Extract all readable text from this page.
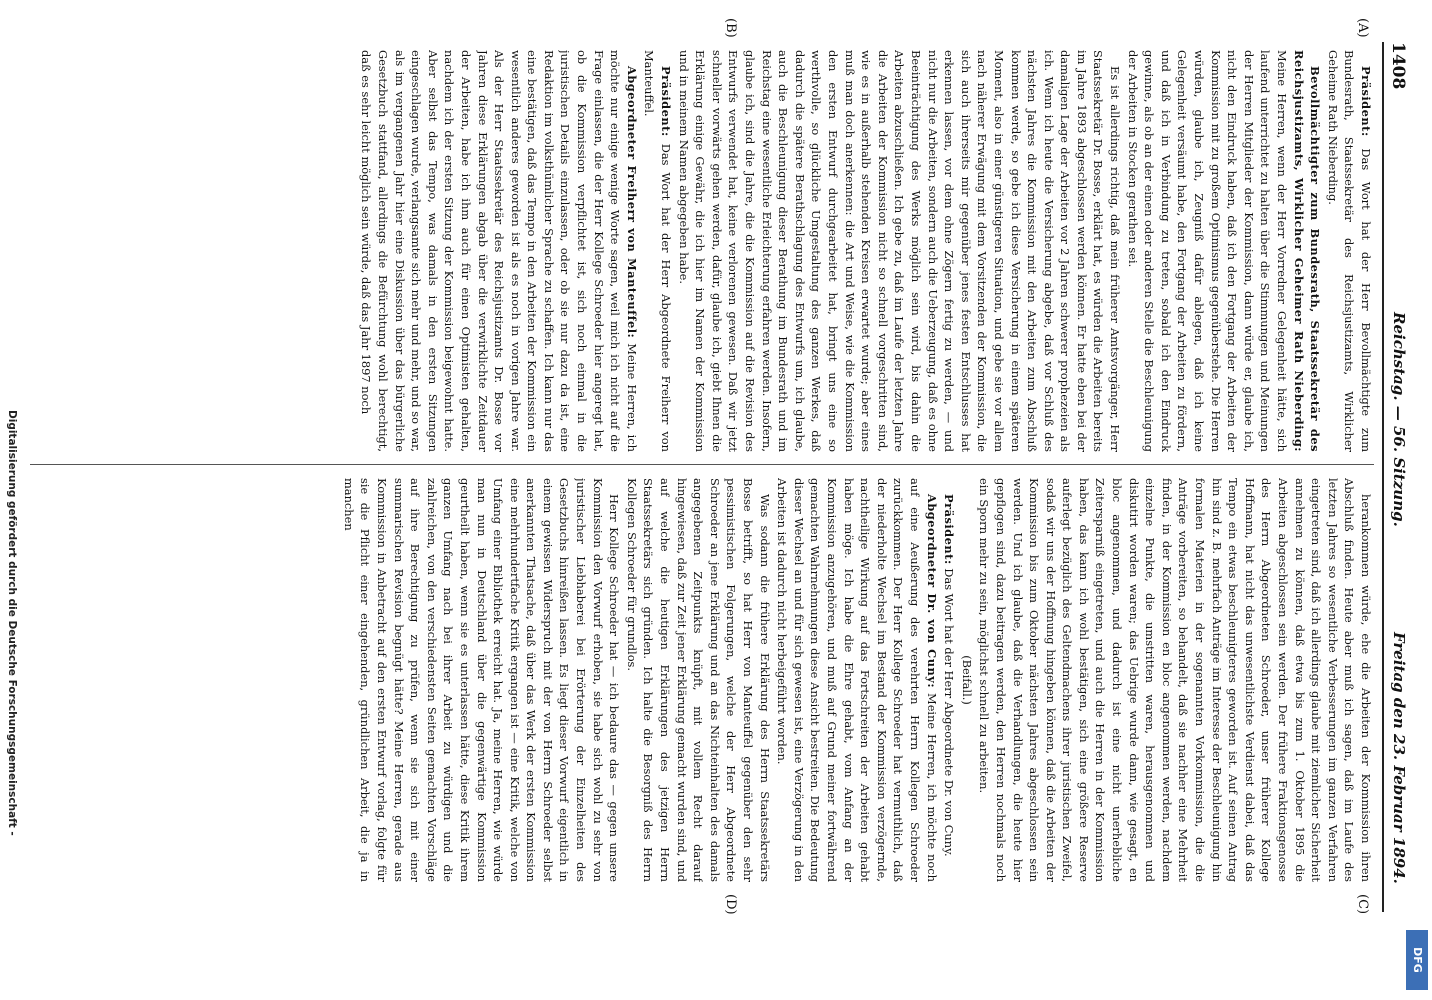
1408
Reichstag. — 56. Sitzung.
Freitag den 23. Februar 1894.
(A)
(B)
(C)
(D)

Präsident: Das Wort hat der Herr Bevollmächtigte zum Bundesrath, Staatssekretär des Reichsjustizamts, Wirklicher Geheime Rath Nieberding.

Bevollmächtigter zum Bundesrath, Staatssekretär des Reichsjustizamts, Wirklicher Geheimer Rath Nieberding: Meine Herren, wenn der Herr Vorredner Gelegenheit hätte, sich laufend unterrichtet zu halten über die Stimmungen und Meinungen der Herren Mitglieder der Kommission, dann würde er, glaube ich, nicht den Eindruck haben, daß ich den Fortgang der Arbeiten der Kommission mit zu großem Optimismus gegenüberstehe. Die Herren würden, glaube ich, Zeugniß dafür ablegen, daß ich keine Gelegenheit versäumt habe, den Fortgang der Arbeiten zu fördern, und daß ich in Verbindung zu treten, sobald ich den Eindruck gewinne, als ob an der einen oder anderen Stelle die Beschleunigung der Arbeiten in Stocken gerathen sei.

Es ist allerdings richtig, daß mein früherer Amtsvorgänger, Herr Staatssekretär Dr. Bosse, erklärt hat, es würden die Arbeiten bereits im Jahre 1893 abgeschlossen werden können. Er hatte eben bei der damaligen Lage der Arbeiten vor 2 Jahren schwerer prophezeien als ich. Wenn ich heute die Versicherung abgebe, daß vor Schluß des nächsten Jahres die Kommission mit den Arbeiten zum Abschluß kommen werde, so gebe ich diese Versicherung in einem späteren Moment, also in einer günstigeren Situation, und gebe sie vor allem nach näherer Erwägung mit dem Vorsitzenden der Kommission, die sich auch ihrerseits mir gegenüber jenes festen Entschlusses hat erkennen lassen, vor dem ohne Zögern fertig zu werden, — und nicht nur die Arbeiten, sondern auch die Ueberzeugung, daß es ohne Beeinträchtigung des Werks möglich sein wird, bis dahin die Arbeiten abzuschließen. Ich gebe zu, daß im Laufe der letzten Jahre die Arbeiten der Kommission nicht so schnell vorgeschritten sind, wie es in außerhalb stehenden Kreisen erwartet wurde; aber eines muß man doch anerkennen: die Art und Weise, wie die Kommission den ersten Entwurf durchgearbeitet hat, bringt uns eine so werthvolle, so glückliche Umgestaltung des ganzen Werkes, daß dadurch die spätere Berathschlagung des Entwurfs um, ich glaube, auch die Beschleunigung dieser Berathung im Bundesrath und im Reichstag eine wesentliche Erleichterung erfahren werden. Insofern, glaube ich, sind die Jahre, die die Kommission auf die Revision des Entwurfs verwendet hat, keine verlorenen gewesen. Daß wir jetzt schneller vorwärts gehen werden, dafür, glaube ich, giebt Ihnen die Erklärung einige Gewähr, die ich hier im Namen der Kommission und in meinem Namen abgegeben habe.

Präsident: Das Wort hat der Herr Abgeordnete Freiherr von Manteuffel.

Abgeordneter Freiherr von Manteuffel: Meine Herren, ich möchte nur einige wenige Worte sagen, weil mich ich nicht auf die Frage einlassen, die der Herr Kollege Schroeder hier angeregt hat, ob die Kommission verpflichtet ist, sich noch einmal in die juristischen Details einzulassen, oder ob sie nur dazu da ist, eine Redaktion im volksthümlicher Sprache zu schaffen. Ich kann nur das eine bestätigen, daß das Tempo in den Arbeiten der Kommission ein wesentlich anderes geworden ist als es noch in vorigen Jahre war. Als der Herr Staatssekretär des Reichsjustizamts Dr. Bosse vor Jahren diese Erklärungen abgab über die verwirklichte Zeitdauer der Arbeiten, habe ich ihm auch für einen Optimisten gehalten, nachdem ich der ersten Sitzung der Kommission beigewohnt hatte. Aber selbst das Tempo, was damals in den ersten Sitzungen eingeschlagen wurde, verlangsamte sich mehr und mehr, und so war, als im vergangenen Jahr hier eine Diskussion über das bürgerliche Gesetzbuch stattfand, allerdings die Befürchtung wohl berechtigt, daß es sehr leicht möglich sein würde, daß das Jahr 1897 noch

herankommen würde, ehe die Arbeiten der Kommission ihren Abschluß finden. Heute aber muß ich sagen, daß im Laufe des letzten Jahres so wesentliche Verbesserungen im ganzen Verfahren eingetreten sind, daß ich allerdings glaube mit ziemlicher Sicherheit annehmen zu können, daß etwa bis zum 1. Oktober 1895 die Arbeiten abgeschlossen sein werden. Der frühere Fraktionsgenosse des Herrn Abgeordneten Schroeder, unser früherer Kollege Hoffmann, hat nicht das unwesentlichste Verdienst dabei, daß das Tempo ein etwas beschleunigteres geworden ist. Auf seinen Antrag hin sind z. B. mehrfach Anträge im Interesse der Beschleunigung hin formalen Materien in der sogenannten Vorkommission, die die Anträge vorbereiten, so behandelt, daß sie nachher eine Mehrheit finden, in der Kommission en bloc angenommen werden, nachdem einzelne Punkte, die umstritten waren, herausgenommen und diskutirt worden waren; das Uebrige wurde dann, wie gesagt, en bloc angenommen, und dadurch ist eine nicht unerhebliche Zeitersparniß eingetreten, und auch die Herren in der Kommission haben, das kann ich wohl bestätigen, sich eine größere Reserve auferlegt bezüglich des Geltendmachens ihrer juristischen Zweifel, sodaß wir uns der Hoffnung hingeben können, daß die Arbeiten der Kommission bis zum Oktober nächsten Jahres abgeschlossen sein werden. Und ich glaube, daß die Verhandlungen, die heute hier gepflogen sind, dazu beitragen werden, den Herren nochmals noch ein Sporn mehr zu sein, möglichst schnell zu arbeiten.

(Beifall.)

Präsident: Das Wort hat der Herr Abgeordnete Dr. von Cuny.

Abgeordneter Dr. von Cuny: Meine Herren, ich möchte noch auf eine Aeußerung des verehrten Herrn Kollegen Schroeder zurückkommen. Der Herr Kollege Schroeder hat vermuthlich, daß der niederholte Wechsel im Bestand der Kommission verzögernde, nachtheilige Wirkung auf das Fortschreiten der Arbeiten gehabt haben möge. Ich habe die Ehre gehabt, vom Anfang an der Kommission anzugehören, und muß auf Grund meiner fortwährend gemachten Wahrnehmungen diese Ansicht bestreiten. Die Bedeutung dieser Wechsel an und für sich gewesen ist, eine Verzögerung in den Arbeiten ist dadurch nicht herbeigeführt worden.

Was sodann die frühere Erklärung des Herrn Staatssekretärs Bosse betrifft, so hat Herr von Manteuffel gegenüber den sehr pessimistischen Folgerungen, welche der Herr Abgeordnete Schroeder an jene Erklärung und an das Nichteinhalten des damals angegebenen Zeitpunkts knüpft, mit vollem Recht darauf hingewiesen, daß zur Zeit jener Erklärung gemacht wurden sind, und auf welche die heutigen Erklärungen des jetzigen Herrn Staatssekretärs sich gründen. Ich halte die Besorgniß des Herrn Kollegen Schroeder für grundlos.

Herr Kollege Schroeder hat — ich bedaure das — gegen unsere Kommission den Vorwurf erhoben, sie habe sich wohl zu sehr von juristischer Liebhaberei bei Erörterung der Einzelheiten des Gesetzbuchs hinreißen lassen. Es liegt dieser Vorwurf eigentlich in einem gewissen Widerspruch mit der von Herrn Schroeder selbst anerkannten Thatsache, daß über das Werk der ersten Kommission eine mehrhundertfache Kritik ergangen ist — eine Kritik, welche von Umfang einer Bibliothek erreicht hat. Ja, meine Herren, wie würde man nun in Deutschland über die gegenwärtige Kommission geurtheilt haben, wenn sie es unterlassen hätte, diese Kritik ihrem ganzen Umfang nach bei ihrer Arbeit zu würdigen und die zahlreichen, von den verschiedensten Seiten gemachten Vorschläge auf ihre Berechtigung zu prüfen, wenn sie sich mit einer summarischen Revision begnügt hätte? Meine Herren, gerade aus Kommission in Anbetracht auf den ersten Entwurf vorlag, folgte für sie die Pflicht einer eingehenden, gründlichen Arbeit, die ja in manchen

Digitalisierung gefördert durch die Deutsche Forschungsgemeinschaft -
DFG
